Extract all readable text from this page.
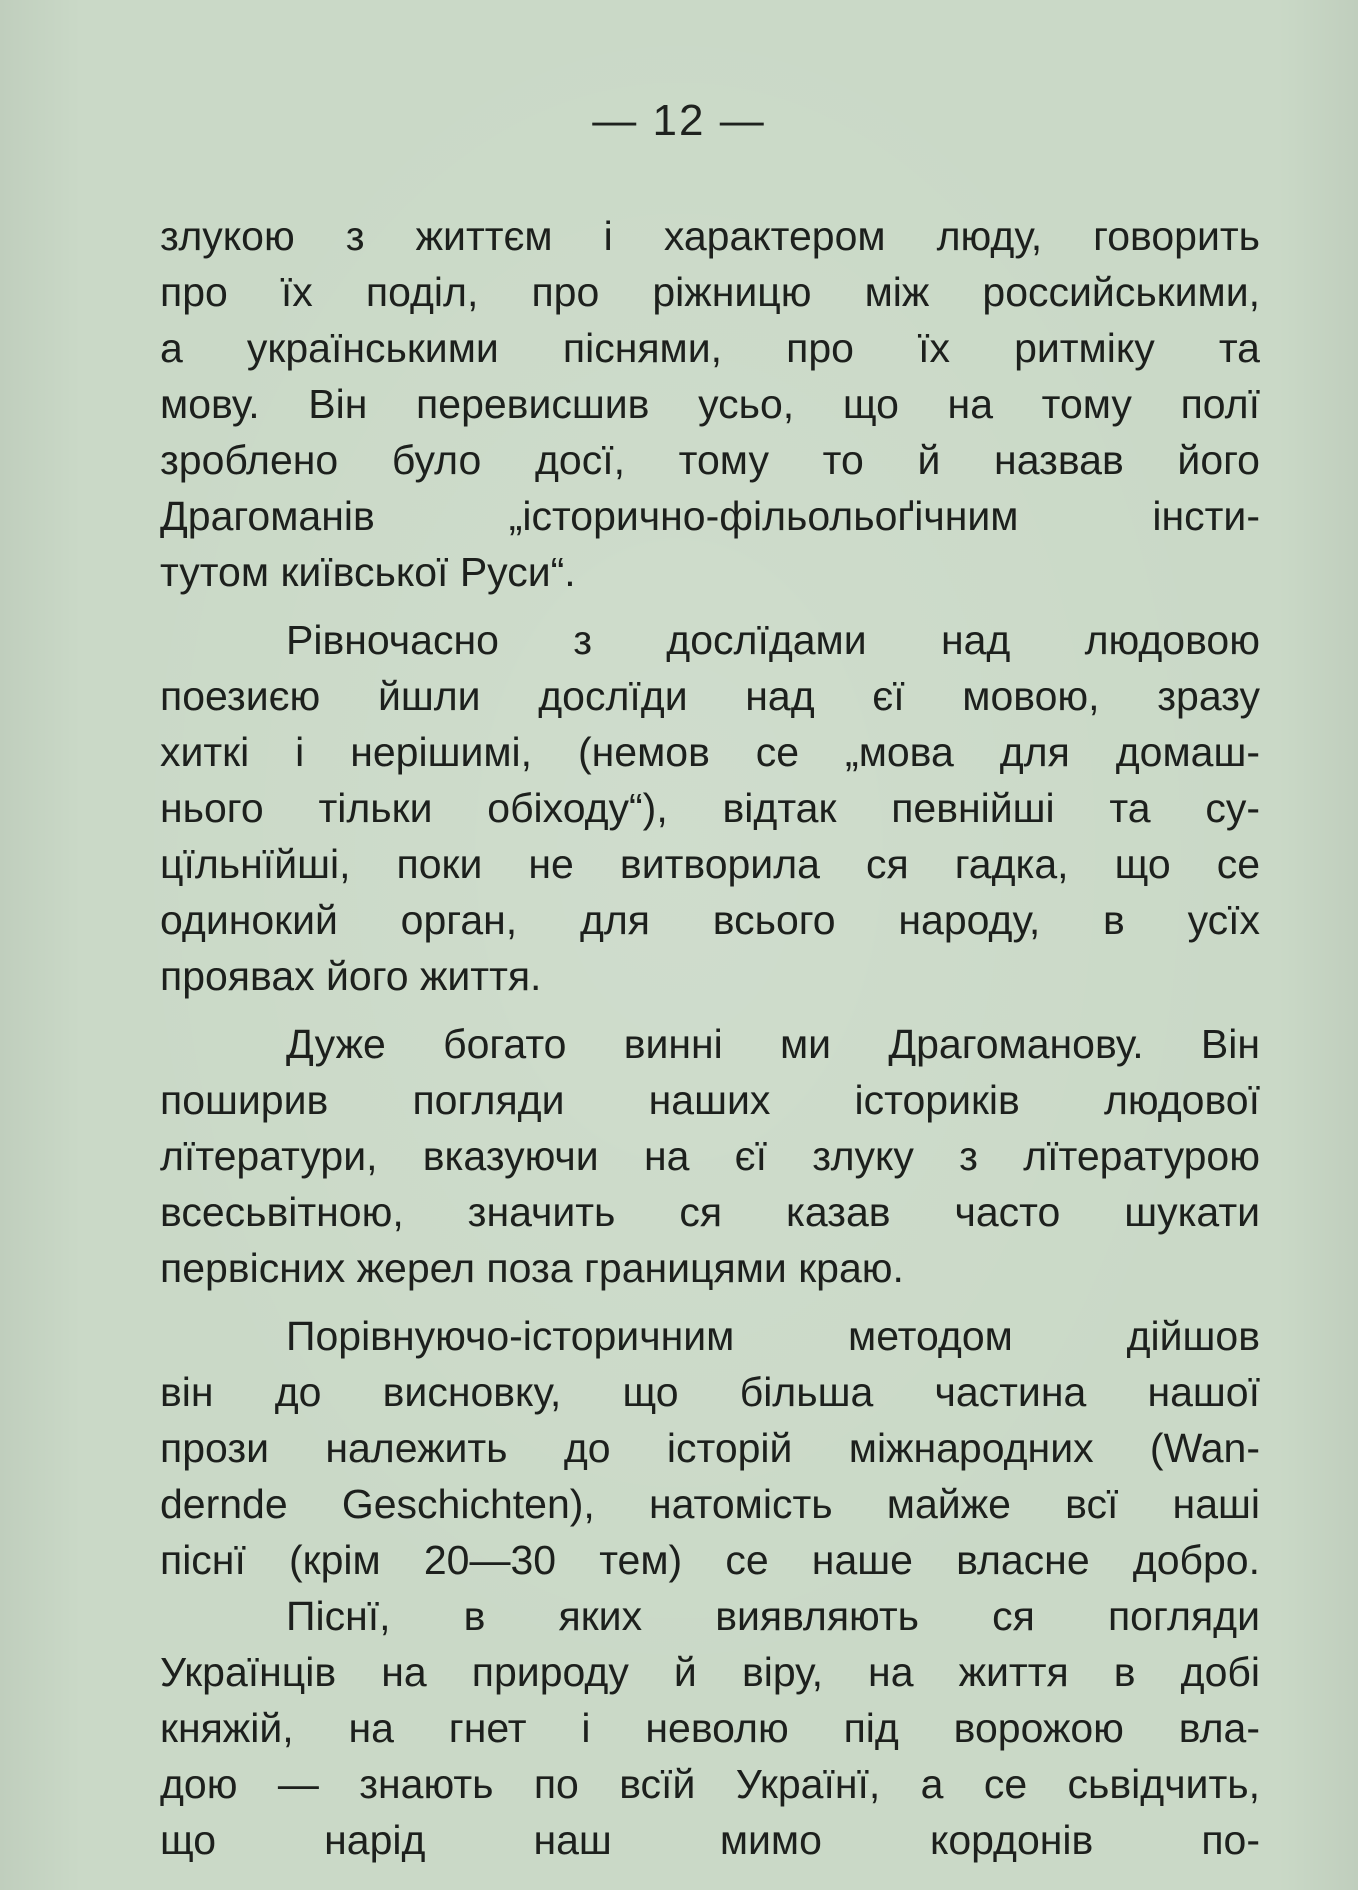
— 12 —
злукою з життєм і характером люду, говорить
про їх поділ, про ріжницю між российськими,
а українськими піснями, про їх ритміку та
мову. Він перевисшив усьо, що на тому полї
зроблено було досї, тому то й назвав його
Драгоманів „історично-фільольоґічним інсти-
тутом київської Руси“.
Рівночасно з дослїдами над людовою
поезиєю йшли дослїди над єї мовою, зразу
хиткі і нерішимі, (немов се „мова для домаш-
нього тільки обіходу“), відтак певнійші та су-
цїльнїйші, поки не витворила ся гадка, що се
одинокий орган, для всього народу, в усїх
проявах його життя.
Дуже богато винні ми Драгоманову. Він
поширив погляди наших істориків людової
лїтератури, вказуючи на єї злуку з лїтературою
всесьвітною, значить ся казав часто шукати
первісних жерел поза границями краю.
Порівнуючо-історичним методом дійшов
він до висновку, що більша частина нашої
прози належить до історій міжнародних (Wan-
dernde Geschichten), натомість майже всї наші
піснї (крім 20—30 тем) се наше власне добро.
Піснї, в яких виявляють ся погляди
Українців на природу й віру, на життя в добі
княжій, на гнет і неволю під ворожою вла-
дою — знають по всїй Українї, а се сьвідчить,
що нарід наш мимо кордонів по-
